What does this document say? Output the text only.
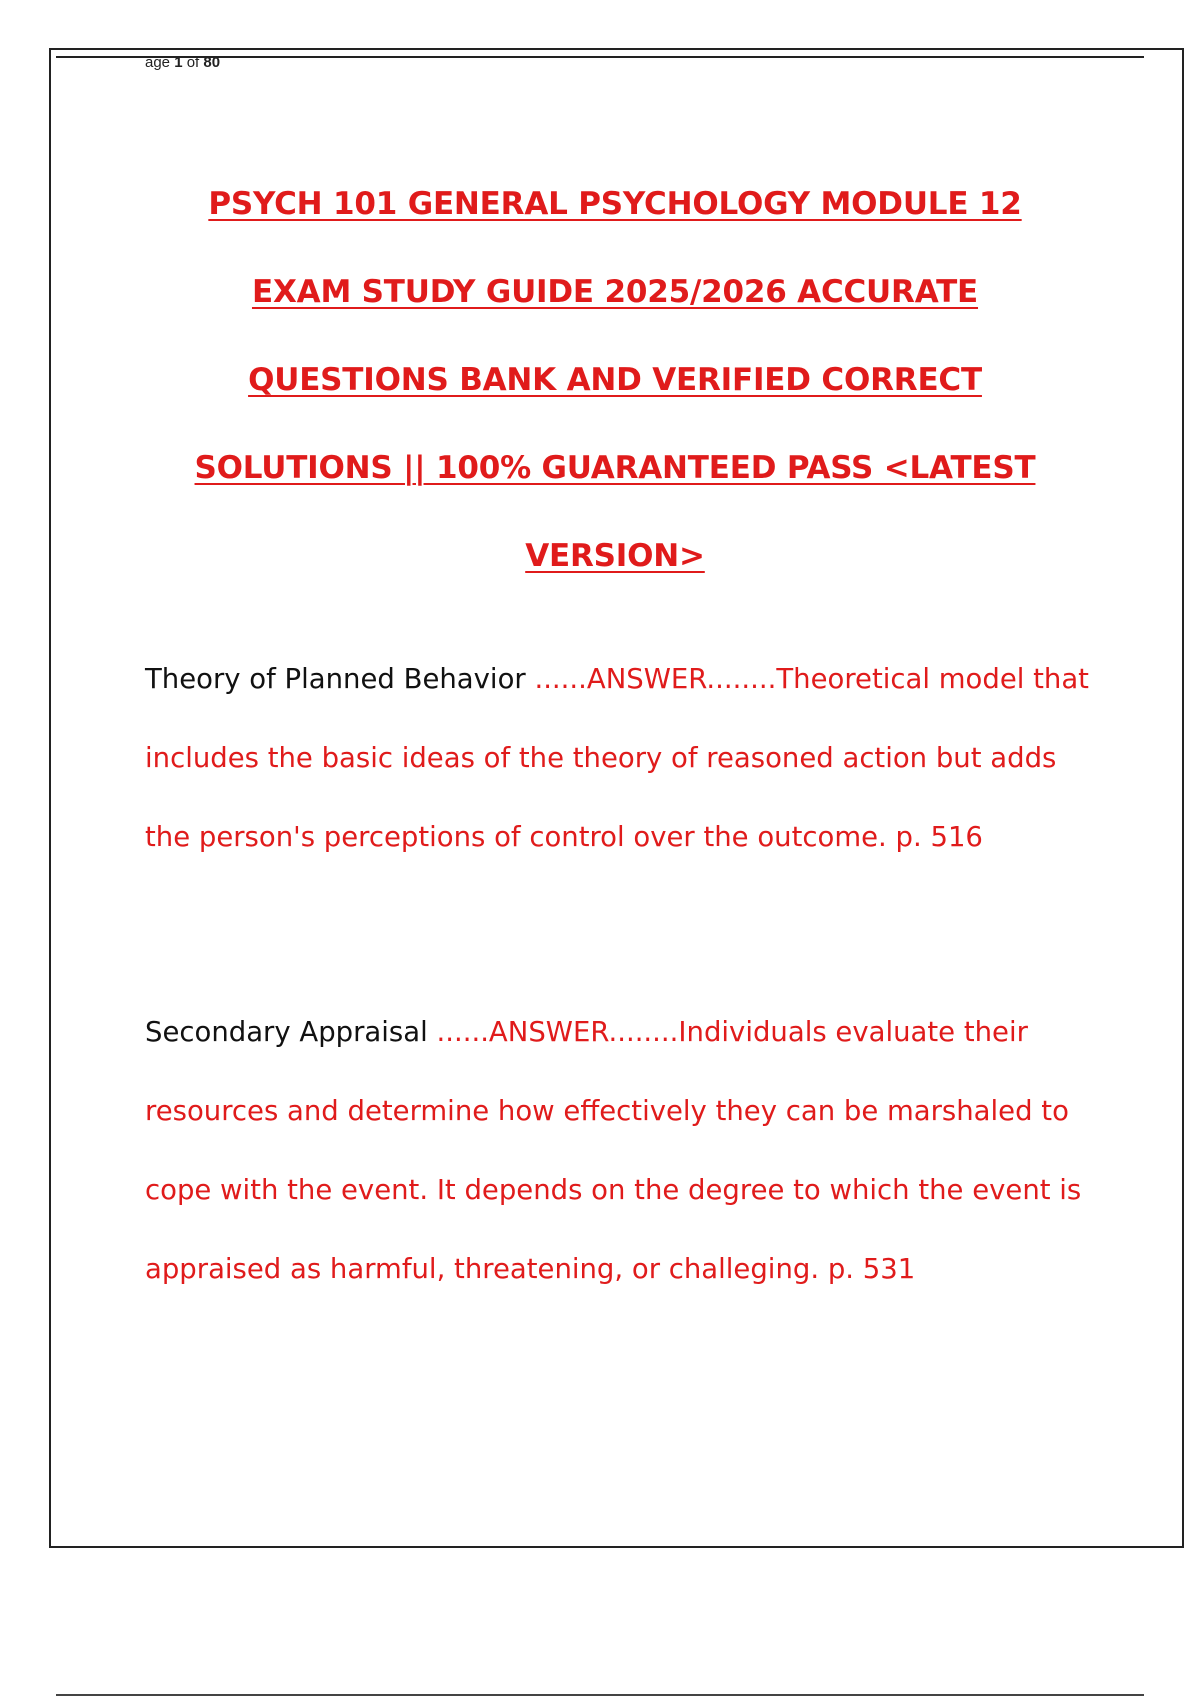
age 1 of 80
PSYCH 101 GENERAL PSYCHOLOGY MODULE 12
EXAM STUDY GUIDE 2025/2026 ACCURATE
QUESTIONS BANK AND VERIFIED CORRECT
SOLUTIONS || 100% GUARANTEED PASS <LATEST
VERSION>

Theory of Planned Behavior ......ANSWER........Theoretical model that includes the basic ideas of the theory of reasoned action but adds the person's perceptions of control over the outcome. p. 516

Secondary Appraisal ......ANSWER........Individuals evaluate their resources and determine how effectively they can be marshaled to cope with the event. It depends on the degree to which the event is appraised as harmful, threatening, or challeging. p. 531
